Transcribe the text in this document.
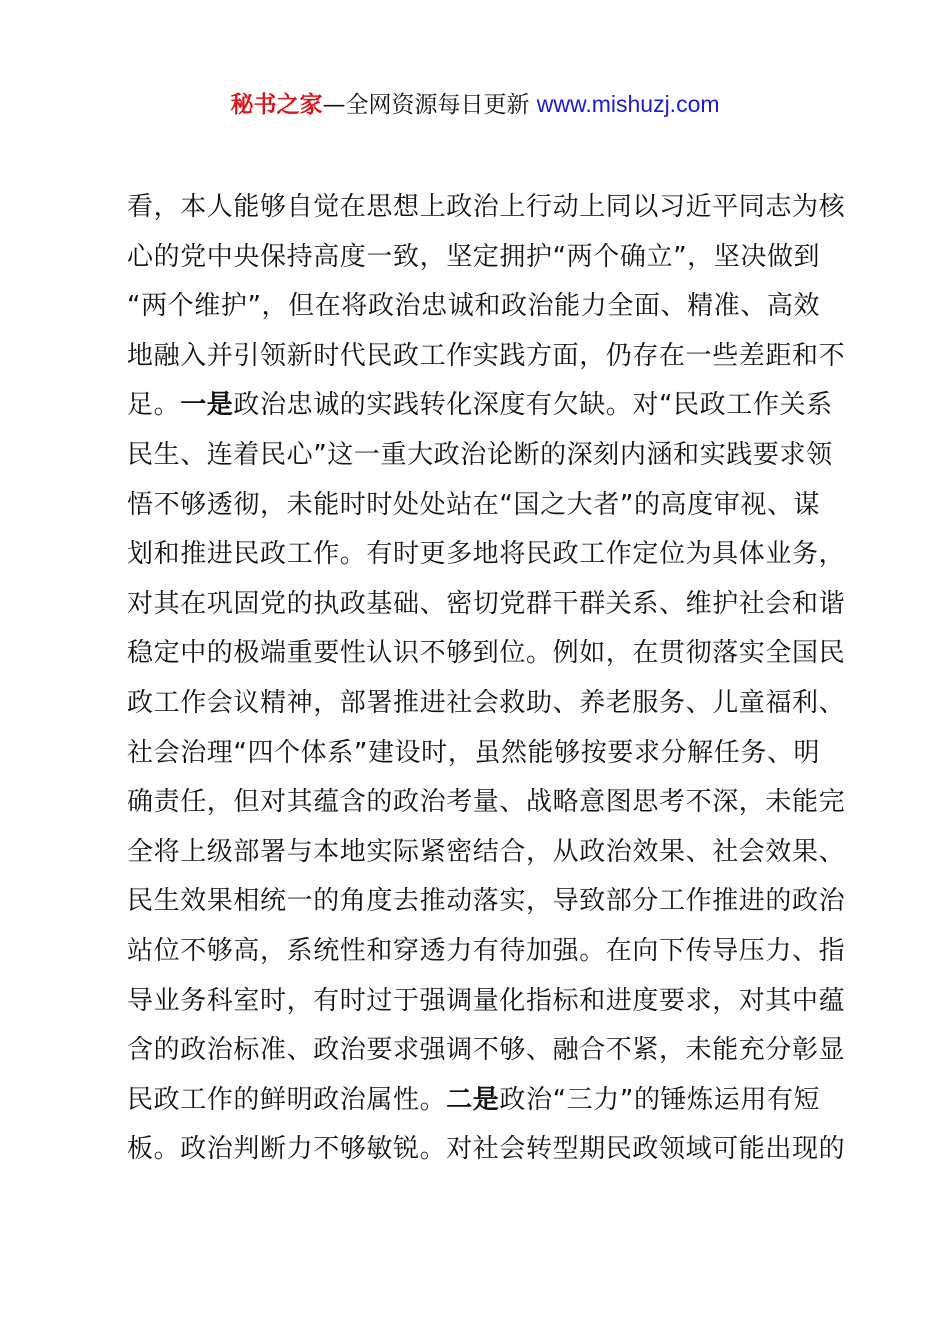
秘书之家—全网资源每日更新 www.mishuzj.com
看，本人能够自觉在思想上政治上行动上同以习近平同志为核
心的党中央保持高度一致，坚定拥护“两个确立”，坚决做到
“两个维护”，但在将政治忠诚和政治能力全面、精准、高效
地融入并引领新时代民政工作实践方面，仍存在一些差距和不
足。一是政治忠诚的实践转化深度有欠缺。对“民政工作关系
民生、连着民心”这一重大政治论断的深刻内涵和实践要求领
悟不够透彻，未能时时处处站在“国之大者”的高度审视、谋
划和推进民政工作。有时更多地将民政工作定位为具体业务，
对其在巩固党的执政基础、密切党群干群关系、维护社会和谐
稳定中的极端重要性认识不够到位。例如，在贯彻落实全国民
政工作会议精神，部署推进社会救助、养老服务、儿童福利、
社会治理“四个体系”建设时，虽然能够按要求分解任务、明
确责任，但对其蕴含的政治考量、战略意图思考不深，未能完
全将上级部署与本地实际紧密结合，从政治效果、社会效果、
民生效果相统一的角度去推动落实，导致部分工作推进的政治
站位不够高，系统性和穿透力有待加强。在向下传导压力、指
导业务科室时，有时过于强调量化指标和进度要求，对其中蕴
含的政治标准、政治要求强调不够、融合不紧，未能充分彰显
民政工作的鲜明政治属性。二是政治“三力”的锤炼运用有短
板。政治判断力不够敏锐。对社会转型期民政领域可能出现的
